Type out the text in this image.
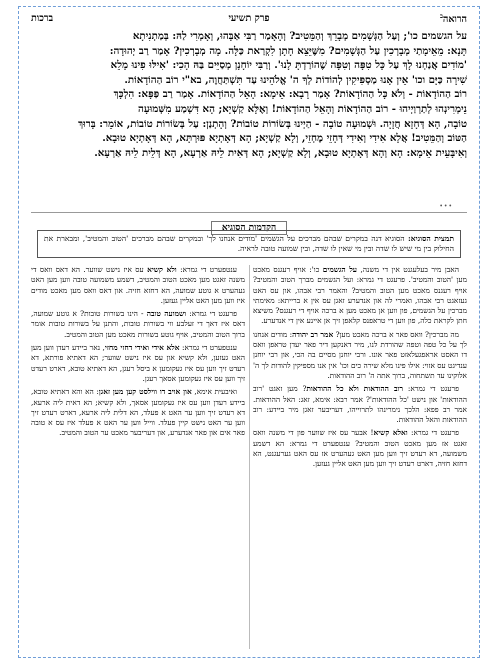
ברכות	פרק תשיעי	הרואה$^ב$
על הגשמים כו'; וְעַל הַגְּשָׁמִים מְבָרֵךְ וְהַמֵּטִיב? וְהָאָמַר רַבִּי אַבָּהוּ, וְאָמְרִי לַהּ: בְּמַתְנִיתָא
תָּנָא: מֵאֵימָתַי מְבָרְכִין עַל הַגְּשָׁמִים? מִשֶּׁיֵּצֵא חָתָן לִקְרַאת כַּלָּה. מָה מְבָרְכִין? אָמַר רַב יְהוּדָה:
'מוֹדִים אֲנַחְנוּ לָךְ עַל כָּל טִפָּה וְטִפָּה שֶׁהוֹרַדְתָּ לָנוּ'. וְרַבִּי יוֹחָנָן מְסַיֵּים בַּהּ הָכִי: 'אִילּוּ פִינוּ מָלֵא
שִׁירָה כַּיָּם וכו' אֵין אָנוּ מַסְפִּיקִין לְהוֹדוֹת לְךָ ה' אֱלֹהֵינוּ עַד תִּשְׁתַּחֲוֶה, בא"י רוֹב הַהוֹדָאוֹת.
רוֹב הַהוֹדָאוֹת - וְלֹא כָּל הַהוֹדָאוֹת? אָמַר רָבָא: אֵימָא: הָאֵל הַהוֹדָאוֹת. אָמַר רַב פַּפָּא: הִלְכָּךְ
נֵימְרִינְהוּ לְתַרְוַיְיהוּ - רוֹב הַהוֹדָאוֹת וְהָאֵל הַהוֹדָאוֹת! וְאֶלָּא קַשְׁיָא; הָא דִּשְׁמַע מִשְּׁמוּעָה
טוֹבָה, הָא דְּחָזָא חֲזָיָה. וּשְׁמוּעָה טוֹבָה - הַיְינוּ בְּשׂוֹרוֹת טוֹבוֹת? וְהָתְנַן: עַל בְּשׂוֹרוֹת טוֹבוֹת, אוֹמֵר: בָּרוּךְ
הַטּוֹב וְהַמֵּטִיב! אֲלָא אִידִי וְאִידִי דְּחָזֵי מֶחְזֵי, וְלָא קַשְׁיָא; הָא דְּאָתְיָא פּוּרְתָּא, הָא דְּאָתְיָא טוּבָא.
וְאִיבָּעֵית אֵימָא: הָא וְהָא דְּאָתְיָא טוּבָא, וְלָא קַשְׁיָא; הָא דְּאִית לֵיהּ אַרְעָא, הָא דְּלֵית לֵיהּ אַרְעָא.
•••
הקדמות הסוגיא
תמצית הסוגיא: הסוגיא דנה במקרים שבהם מברכים על הגשמים 'מודים אנחנו לך' ובמקרים שבהם מברכים 'הטוב והמטיב', ומבארת את החילוק בין מי שיש לו שדה ובין מי שאין לו שדה, ובין שמועה טובה לראיה.

האבן מיר בעלעגנט אין די משנה, על הגשמים כו': אויף רעגנס מאכט מען 'הטוב והמטיב'. פרעגט די גמרא: ועל הגשמים מברך הטוב והמטיב? אויף רעגנס מאכט מען הטוב והמטיב? והאמר רבי אבהו, און עס האט געזאגט רבי אבהו, ואמרי לה און אנדערע זאגן עס אין א ברייתא: מאימתי מברכין על הגשמים, פון ווען אן מאכט מען א ברכה אויף די רעגנס? משיצא חתן לקראת כלה, פון ווען די טראפנס קלאפן זיך אן איינע אין די אנדערע.

מה מברכין? וואס פאר א ברכה מאכט מען? אמר רב יהודה: מודים אנחנו לך על כל טפה וטפה שהורדת לנו, מיר דאנקען דיר פאר יעדן טראפן וואס דו האסט אראפגעלאזט פאר אונז. ורבי יוחנן מסיים בה הכי, און רבי יוחנן ענדיגט עס אזוי: אילו פינו מלא שירה כים וכו' אין אנו מספיקין להודות לך ה' אלוקינו עד תשתחוה, ברוך אתה ה' רוב ההודאות.

פרעגט די גמרא: רוב ההודאות ולא כל ההודאות? מען זאגט 'רוב ההודאות' און נישט 'כל ההודאות'? אמר רבא: אימא, זאג: האל ההודאות. אמר רב פפא: הלכך נימרינהו לתרוייהו, דעריבער זאגן מיר ביידע: רוב ההודאות והאל ההודאות.

פרעגט די גמרא: ואלא קשיא! אבער עס איז שווער פון די משנה וואס זאגט אז מען מאכט הטוב והמטיב? ענטפערט די גמרא: הא דשמע משמועה, דא רעדט זיך ווען מען האט געהערט אז עס האט גערעגנט, הא דחזא חזיה, דארט רעדט זיך ווען מען האט אליין געזען.

ענטפערט די גמרא: ולא קשיא עס איז נישט שווער. הא דאס וואס די משנה זאגט מען מאכט הטוב והמטיב, דשמע משמועה טובה ווען מען האט געהערט א גוטע שמועה, הא דחזא חזיה. און דאס וואס מען מאכט מודים איז ווען מען האט אליין געזען.

פרעגט די גמרא: ושמועה טובה - הינו בשורות טובות? א גוטע שמועה, דאס איז דאך די זעלבע ווי בשורות טובות, והתנן על בשורות טובות אומר ברוך הטוב והמטיב, אויף גוטע בשורות מאכט מען הטוב והמטיב.

ענטפערט די גמרא: אלא אידי ואידי דחזי מחזי, נאר ביידע רעדן ווען מען האט געזען, ולא קשיא און עס איז נישט שווער; הא דאתיא פורתא, דא רעדט זיך ווען עס איז געקומען א ביסל רעגן, הא דאתיא טובא, דארט רעדט זיך ווען עס איז געקומען אסאך רעגן.

ואיבעית אימא, און אויב דו ווילסט קען מען זאגן: הא והא דאתיא טובא, ביידע רעדן ווען עס איז געקומען אסאך, ולא קשיא; הא דאית ליה ארעא, דא רעדט זיך ווען ער האט א פעלד, הא דלית ליה ארעא, דארט רעדט זיך ווען ער האט נישט קיין פעלד. ווייל ווען ער האט א פעלד איז עס א טובה פאר אים און פאר אנדערע, און דעריבער מאכט ער הטוב והמטיב.
